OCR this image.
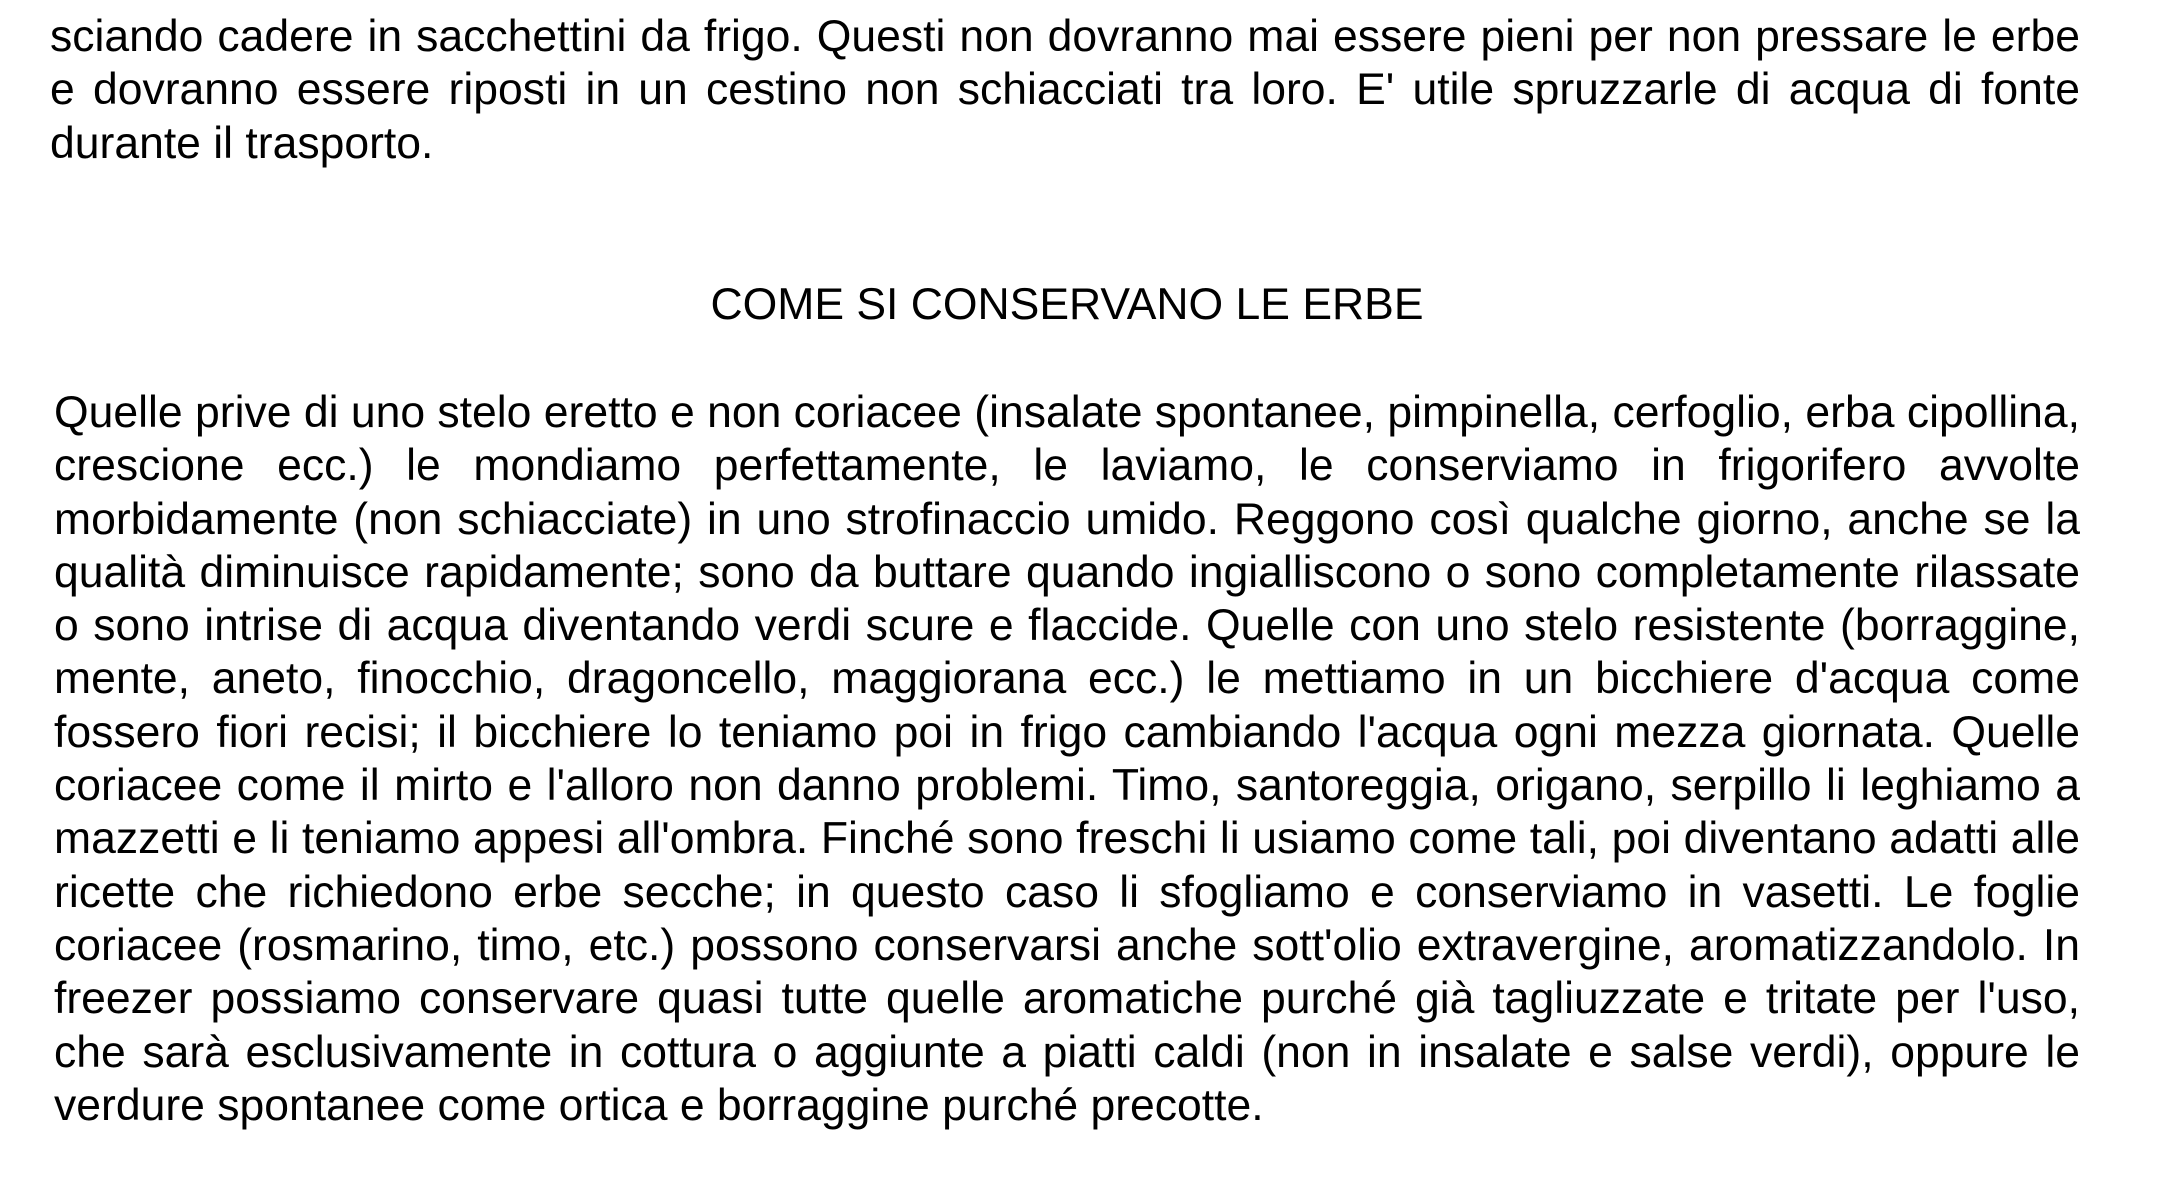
sciando cadere in sacchettini da frigo. Questi non dovranno mai essere pieni per non pressare le erbe e dovranno essere riposti in un cestino non schiacciati tra loro. E' utile spruzzarle di acqua di fonte durante il trasporto.

COME SI CONSERVANO LE ERBE

Quelle prive di uno stelo eretto e non coriacee (insalate spontanee, pimpinella, cerfoglio, erba cipollina, crescione ecc.) le mondiamo perfettamente, le laviamo, le conserviamo in frigorifero avvolte morbidamente (non schiacciate) in uno strofinaccio umido. Reggono così qualche giorno, anche se la qualità diminuisce rapidamente; sono da buttare quando ingialliscono o sono completamente rilassate o sono intrise di acqua diventando verdi scure e flaccide. Quelle con uno stelo resistente (borraggine, mente, aneto, finocchio, dragoncello, maggiorana ecc.) le mettiamo in un bicchiere d'acqua come fossero fiori recisi; il bicchiere lo teniamo poi in frigo cambiando l'acqua ogni mezza giornata. Quelle coriacee come il mirto e l'alloro non danno problemi. Timo, santoreggia, origano, serpillo li leghiamo a mazzetti e li teniamo appesi all'ombra. Finché sono freschi li usiamo come tali, poi diventano adatti alle ricette che richiedono erbe secche; in questo caso li sfogliamo e conserviamo in vasetti. Le foglie coriacee (rosmarino, timo, etc.) possono conservarsi anche sott'olio extravergine, aromatizzandolo. In freezer possiamo conservare quasi tutte quelle aromatiche purché già tagliuzzate e tritate per l'uso, che sarà esclusivamente in cottura o aggiunte a piatti caldi (non in insalate e salse verdi), oppure le verdure spontanee come ortica e borraggine purché precotte.
